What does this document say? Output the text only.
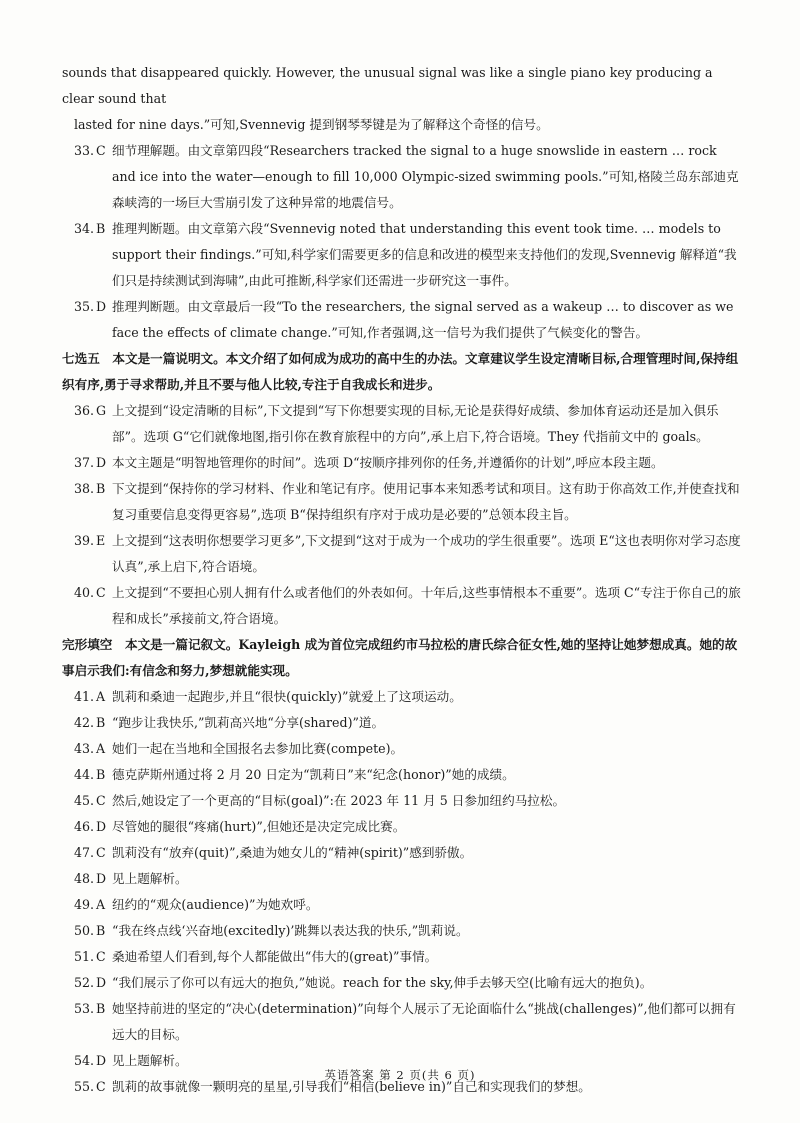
sounds that disappeared quickly. However, the unusual signal was like a single piano key producing a clear sound that

lasted for nine days.”可知,Svennevig 提到钢琴琴键是为了解释这个奇怪的信号。

33. C 细节理解题。由文章第四段“Researchers tracked the signal to a huge snowslide in eastern … rock and ice into the water—enough to fill 10,000 Olympic-sized swimming pools.”可知,格陵兰岛东部迪克森峡湾的一场巨大雪崩引发了这种异常的地震信号。

34. B 推理判断题。由文章第六段“Svennevig noted that understanding this event took time. … models to support their findings.”可知,科学家们需要更多的信息和改进的模型来支持他们的发现,Svennevig 解释道“我们只是持续测试到海啸”,由此可推断,科学家们还需进一步研究这一事件。

35. D 推理判断题。由文章最后一段“To the researchers, the signal served as a wakeup … to discover as we face the effects of climate change.”可知,作者强调,这一信号为我们提供了气候变化的警告。

七选五　本文是一篇说明文。本文介绍了如何成为成功的高中生的办法。文章建议学生设定清晰目标,合理管理时间,保持组织有序,勇于寻求帮助,并且不要与他人比较,专注于自我成长和进步。

36. G 上文提到“设定清晰的目标”,下文提到“写下你想要实现的目标,无论是获得好成绩、参加体育运动还是加入俱乐部”。选项 G“它们就像地图,指引你在教育旅程中的方向”,承上启下,符合语境。They 代指前文中的 goals。

37. D 本文主题是“明智地管理你的时间”。选项 D“按顺序排列你的任务,并遵循你的计划”,呼应本段主题。

38. B 下文提到“保持你的学习材料、作业和笔记有序。使用记事本来知悉考试和项目。这有助于你高效工作,并使查找和复习重要信息变得更容易”,选项 B“保持组织有序对于成功是必要的”总领本段主旨。

39. E 上文提到“这表明你想要学习更多”,下文提到“这对于成为一个成功的学生很重要”。选项 E“这也表明你对学习态度认真”,承上启下,符合语境。

40. C 上文提到“不要担心别人拥有什么或者他们的外表如何。十年后,这些事情根本不重要”。选项 C“专注于你自己的旅程和成长”承接前文,符合语境。

完形填空　本文是一篇记叙文。Kayleigh 成为首位完成纽约市马拉松的唐氏综合征女性,她的坚持让她梦想成真。她的故事启示我们:有信念和努力,梦想就能实现。

41. A 凯莉和桑迪一起跑步,并且“很快(quickly)”就爱上了这项运动。

42. B “跑步让我快乐,”凯莉高兴地“分享(shared)”道。

43. A 她们一起在当地和全国报名去参加比赛(compete)。

44. B 德克萨斯州通过将 2 月 20 日定为“凯莉日”来“纪念(honor)”她的成绩。

45. C 然后,她设定了一个更高的“目标(goal)”:在 2023 年 11 月 5 日参加纽约马拉松。

46. D 尽管她的腿很“疼痛(hurt)”,但她还是决定完成比赛。

47. C 凯莉没有“放弃(quit)”,桑迪为她女儿的“精神(spirit)”感到骄傲。

48. D 见上题解析。

49. A 纽约的“观众(audience)”为她欢呼。

50. B “我在终点线‘兴奋地(excitedly)’跳舞以表达我的快乐,”凯莉说。

51. C 桑迪希望人们看到,每个人都能做出“伟大的(great)”事情。

52. D “我们展示了你可以有远大的抱负,”她说。reach for the sky,伸手去够天空(比喻有远大的抱负)。

53. B 她坚持前进的坚定的“决心(determination)”向每个人展示了无论面临什么“挑战(challenges)”,他们都可以拥有远大的目标。

54. D 见上题解析。

55. C 凯莉的故事就像一颗明亮的星星,引导我们“相信(believe in)”自己和实现我们的梦想。

英语答案 第 2 页(共 6 页)
